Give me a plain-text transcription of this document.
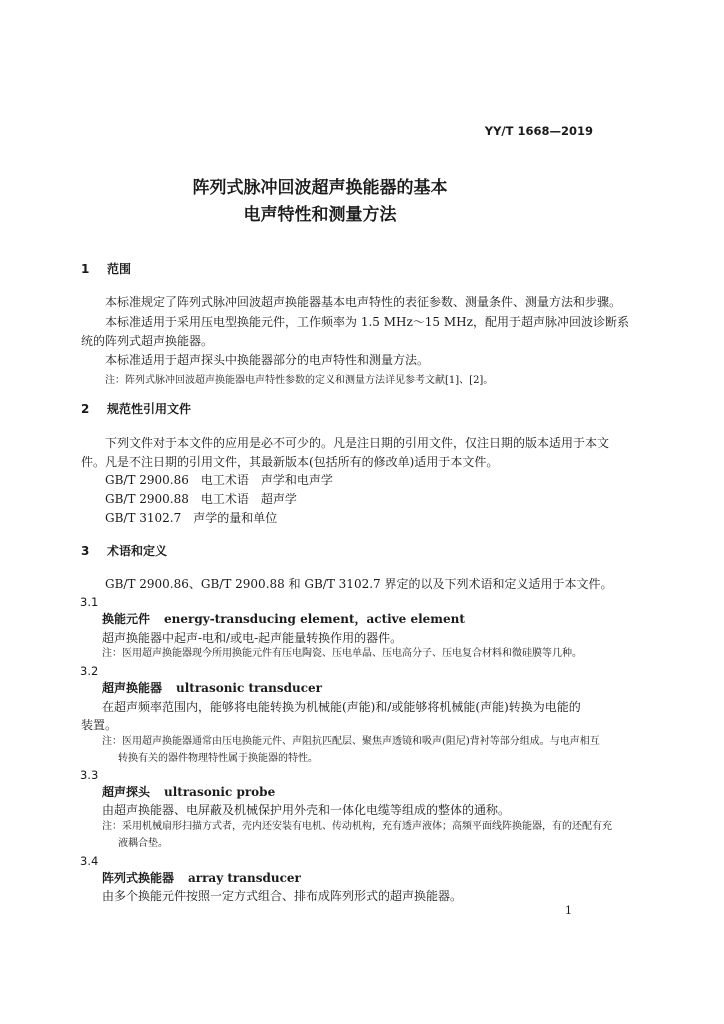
YY/T 1668—2019
阵列式脉冲回波超声换能器的基本
电声特性和测量方法
1 范围
本标准规定了阵列式脉冲回波超声换能器基本电声特性的表征参数、测量条件、测量方法和步骤。
本标准适用于采用压电型换能元件，工作频率为 1.5 MHz～15 MHz，配用于超声脉冲回波诊断系
统的阵列式超声换能器。
本标准适用于超声探头中换能器部分的电声特性和测量方法。
注：阵列式脉冲回波超声换能器电声特性参数的定义和测量方法详见参考文献[1]、[2]。
2 规范性引用文件
下列文件对于本文件的应用是必不可少的。凡是注日期的引用文件，仅注日期的版本适用于本文
件。凡是不注日期的引用文件，其最新版本(包括所有的修改单)适用于本文件。
GB/T 2900.86　电工术语　声学和电声学
GB/T 2900.88　电工术语　超声学
GB/T 3102.7　声学的量和单位
3 术语和定义
GB/T 2900.86、GB/T 2900.88 和 GB/T 3102.7 界定的以及下列术语和定义适用于本文件。
3.1
换能元件 energy-transducing element，active element
超声换能器中起声-电和/或电-起声能量转换作用的器件。
注：医用超声换能器现今所用换能元件有压电陶瓷、压电单晶、压电高分子、压电复合材料和微硅膜等几种。
3.2
超声换能器 ultrasonic transducer
在超声频率范围内，能够将电能转换为机械能(声能)和/或能够将机械能(声能)转换为电能的
装置。
注：医用超声换能器通常由压电换能元件、声阻抗匹配层、聚焦声透镜和吸声(阻尼)背衬等部分组成。与电声相互
转换有关的器件物理特性属于换能器的特性。
3.3
超声探头 ultrasonic probe
由超声换能器、电屏蔽及机械保护用外壳和一体化电缆等组成的整体的通称。
注：采用机械扇形扫描方式者，壳内还安装有电机、传动机构，充有透声液体；高频平面线阵换能器，有的还配有充
液耦合垫。
3.4
阵列式换能器 array transducer
由多个换能元件按照一定方式组合、排布成阵列形式的超声换能器。
1
